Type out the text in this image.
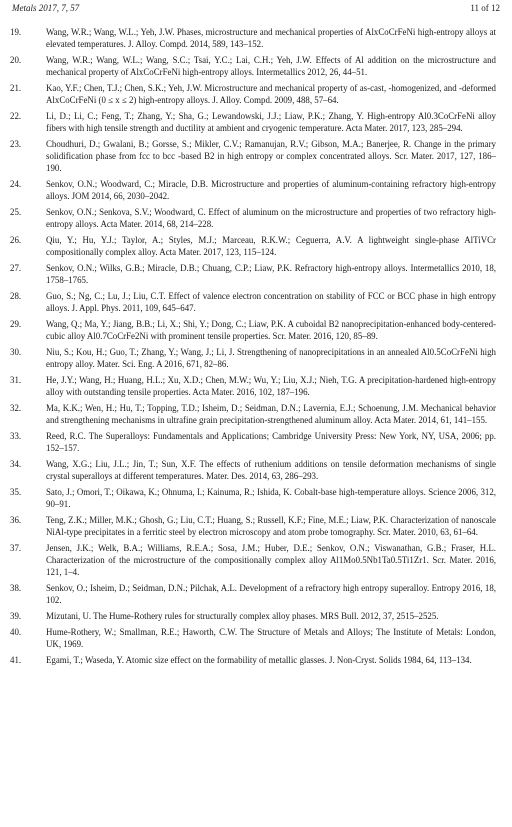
Metals 2017, 7, 57	11 of 12
19.	Wang, W.R.; Wang, W.L.; Yeh, J.W. Phases, microstructure and mechanical properties of AlxCoCrFeNi high-entropy alloys at elevated temperatures. J. Alloy. Compd. 2014, 589, 143–152.
20.	Wang, W.R.; Wang, W.L.; Wang, S.C.; Tsai, Y.C.; Lai, C.H.; Yeh, J.W. Effects of Al addition on the microstructure and mechanical property of AlxCoCrFeNi high-entropy alloys. Intermetallics 2012, 26, 44–51.
21.	Kao, Y.F.; Chen, T.J.; Chen, S.K.; Yeh, J.W. Microstructure and mechanical property of as-cast, -homogenized, and -deformed AlxCoCrFeNi (0 ≤ x ≤ 2) high-entropy alloys. J. Alloy. Compd. 2009, 488, 57–64.
22.	Li, D.; Li, C.; Feng, T.; Zhang, Y.; Sha, G.; Lewandowski, J.J.; Liaw, P.K.; Zhang, Y. High-entropy Al0.3CoCrFeNi alloy fibers with high tensile strength and ductility at ambient and cryogenic temperature. Acta Mater. 2017, 123, 285–294.
23.	Choudhuri, D.; Gwalani, B.; Gorsse, S.; Mikler, C.V.; Ramanujan, R.V.; Gibson, M.A.; Banerjee, R. Change in the primary solidification phase from fcc to bcc -based B2 in high entropy or complex concentrated alloys. Scr. Mater. 2017, 127, 186–190.
24.	Senkov, O.N.; Woodward, C.; Miracle, D.B. Microstructure and properties of aluminum-containing refractory high-entropy alloys. JOM 2014, 66, 2030–2042.
25.	Senkov, O.N.; Senkova, S.V.; Woodward, C. Effect of aluminum on the microstructure and properties of two refractory high-entropy alloys. Acta Mater. 2014, 68, 214–228.
26.	Qiu, Y.; Hu, Y.J.; Taylor, A.; Styles, M.J.; Marceau, R.K.W.; Ceguerra, A.V. A lightweight single-phase AlTiVCr compositionally complex alloy. Acta Mater. 2017, 123, 115–124.
27.	Senkov, O.N.; Wilks, G.B.; Miracle, D.B.; Chuang, C.P.; Liaw, P.K. Refractory high-entropy alloys. Intermetallics 2010, 18, 1758–1765.
28.	Guo, S.; Ng, C.; Lu, J.; Liu, C.T. Effect of valence electron concentration on stability of FCC or BCC phase in high entropy alloys. J. Appl. Phys. 2011, 109, 645–647.
29.	Wang, Q.; Ma, Y.; Jiang, B.B.; Li, X.; Shi, Y.; Dong, C.; Liaw, P.K. A cuboidal B2 nanoprecipitation-enhanced body-centered-cubic alloy Al0.7CoCrFe2Ni with prominent tensile properties. Scr. Mater. 2016, 120, 85–89.
30.	Niu, S.; Kou, H.; Guo, T.; Zhang, Y.; Wang, J.; Li, J. Strengthening of nanoprecipitations in an annealed Al0.5CoCrFeNi high entropy alloy. Mater. Sci. Eng. A 2016, 671, 82–86.
31.	He, J.Y.; Wang, H.; Huang, H.L.; Xu, X.D.; Chen, M.W.; Wu, Y.; Liu, X.J.; Nieh, T.G. A precipitation-hardened high-entropy alloy with outstanding tensile properties. Acta Mater. 2016, 102, 187–196.
32.	Ma, K.K.; Wen, H.; Hu, T.; Topping, T.D.; Isheim, D.; Seidman, D.N.; Lavernia, E.J.; Schoenung, J.M. Mechanical behavior and strengthening mechanisms in ultrafine grain precipitation-strengthened aluminum alloy. Acta Mater. 2014, 61, 141–155.
33.	Reed, R.C. The Superalloys: Fundamentals and Applications; Cambridge University Press: New York, NY, USA, 2006; pp. 152–157.
34.	Wang, X.G.; Liu, J.L.; Jin, T.; Sun, X.F. The effects of ruthenium additions on tensile deformation mechanisms of single crystal superalloys at different temperatures. Mater. Des. 2014, 63, 286–293.
35.	Sato, J.; Omori, T.; Oikawa, K.; Ohnuma, I.; Kainuma, R.; Ishida, K. Cobalt-base high-temperature alloys. Science 2006, 312, 90–91.
36.	Teng, Z.K.; Miller, M.K.; Ghosh, G.; Liu, C.T.; Huang, S.; Russell, K.F.; Fine, M.E.; Liaw, P.K. Characterization of nanoscale NiAl-type precipitates in a ferritic steel by electron microscopy and atom probe tomography. Scr. Mater. 2010, 63, 61–64.
37.	Jensen, J.K.; Welk, B.A.; Williams, R.E.A.; Sosa, J.M.; Huber, D.E.; Senkov, O.N.; Viswanathan, G.B.; Fraser, H.L. Characterization of the microstructure of the compositionally complex alloy Al1Mo0.5Nb1Ta0.5Ti1Zr1. Scr. Mater. 2016, 121, 1–4.
38.	Senkov, O.; Isheim, D.; Seidman, D.N.; Pilchak, A.L. Development of a refractory high entropy superalloy. Entropy 2016, 18, 102.
39.	Mizutani, U. The Hume-Rothery rules for structurally complex alloy phases. MRS Bull. 2012, 37, 2515–2525.
40.	Hume-Rothery, W.; Smallman, R.E.; Haworth, C.W. The Structure of Metals and Alloys; The Institute of Metals: London, UK, 1969.
41.	Egami, T.; Waseda, Y. Atomic size effect on the formability of metallic glasses. J. Non-Cryst. Solids 1984, 64, 113–134.
